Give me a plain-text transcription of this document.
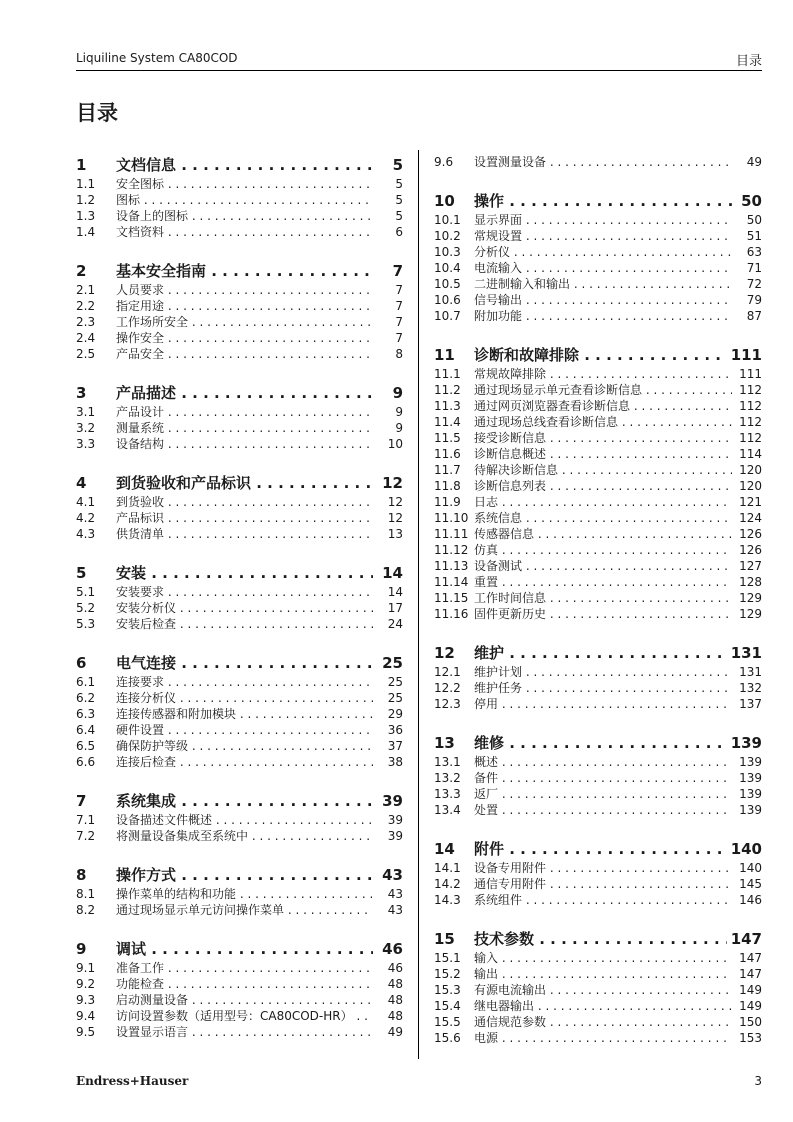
Liquiline System CA80COD	目录
目录
1 文档信息 . . .	5
1.1 安全图标 . . .	5
1.2 图标 . . .	5
1.3 设备上的图标 . . .	5
1.4 文档资料 . . .	6
2 基本安全指南 . . .	7
2.1 人员要求 . . .	7
2.2 指定用途 . . .	7
2.3 工作场所安全 . . .	7
2.4 操作安全 . . .	7
2.5 产品安全 . . .	8
3 产品描述 . . .	9
3.1 产品设计 . . .	9
3.2 测量系统 . . .	9
3.3 设备结构 . . .	10
4 到货验收和产品标识 . . .	12
4.1 到货验收 . . .	12
4.2 产品标识 . . .	12
4.3 供货清单 . . .	13
5 安装 . . .	14
5.1 安装要求 . . .	14
5.2 安装分析仪 . . .	17
5.3 安装后检查 . . .	24
6 电气连接 . . .	25
6.1 连接要求 . . .	25
6.2 连接分析仪 . . .	25
6.3 连接传感器和附加模块 . . .	29
6.4 硬件设置 . . .	36
6.5 确保防护等级 . . .	37
6.6 连接后检查 . . .	38
7 系统集成 . . .	39
7.1 设备描述文件概述 . . .	39
7.2 将测量设备集成至系统中 . . .	39
8 操作方式 . . .	43
8.1 操作菜单的结构和功能 . . .	43
8.2 通过现场显示单元访问操作菜单 . . .	43
9 调试 . . .	46
9.1 准备工作 . . .	46
9.2 功能检查 . . .	48
9.3 启动测量设备 . . .	48
9.4 访问设置参数（适用型号：CA80COD-HR） . . .	48
9.5 设置显示语言 . . .	49
9.6 设置测量设备 . . .	49
10 操作 . . .	50
10.1 显示界面 . . .	50
10.2 常规设置 . . .	51
10.3 分析仪 . . .	63
10.4 电流输入 . . .	71
10.5 二进制输入和输出 . . .	72
10.6 信号输出 . . .	79
10.7 附加功能 . . .	87
11 诊断和故障排除 . . .	111
11.1 常规故障排除 . . .	111
11.2 通过现场显示单元查看诊断信息 . . .	112
11.3 通过网页浏览器查看诊断信息 . . .	112
11.4 通过现场总线查看诊断信息 . . .	112
11.5 接受诊断信息 . . .	112
11.6 诊断信息概述 . . .	114
11.7 待解决诊断信息 . . .	120
11.8 诊断信息列表 . . .	120
11.9 日志 . . .	121
11.10 系统信息 . . .	124
11.11 传感器信息 . . .	126
11.12 仿真 . . .	126
11.13 设备测试 . . .	127
11.14 重置 . . .	128
11.15 工作时间信息 . . .	129
11.16 固件更新历史 . . .	129
12 维护 . . .	131
12.1 维护计划 . . .	131
12.2 维护任务 . . .	132
12.3 停用 . . .	137
13 维修 . . .	139
13.1 概述 . . .	139
13.2 备件 . . .	139
13.3 返厂 . . .	139
13.4 处置 . . .	139
14 附件 . . .	140
14.1 设备专用附件 . . .	140
14.2 通信专用附件 . . .	145
14.3 系统组件 . . .	146
15 技术参数 . . .	147
15.1 输入 . . .	147
15.2 输出 . . .	147
15.3 有源电流输出 . . .	149
15.4 继电器输出 . . .	149
15.5 通信规范参数 . . .	150
15.6 电源 . . .	153
Endress+Hauser	3
